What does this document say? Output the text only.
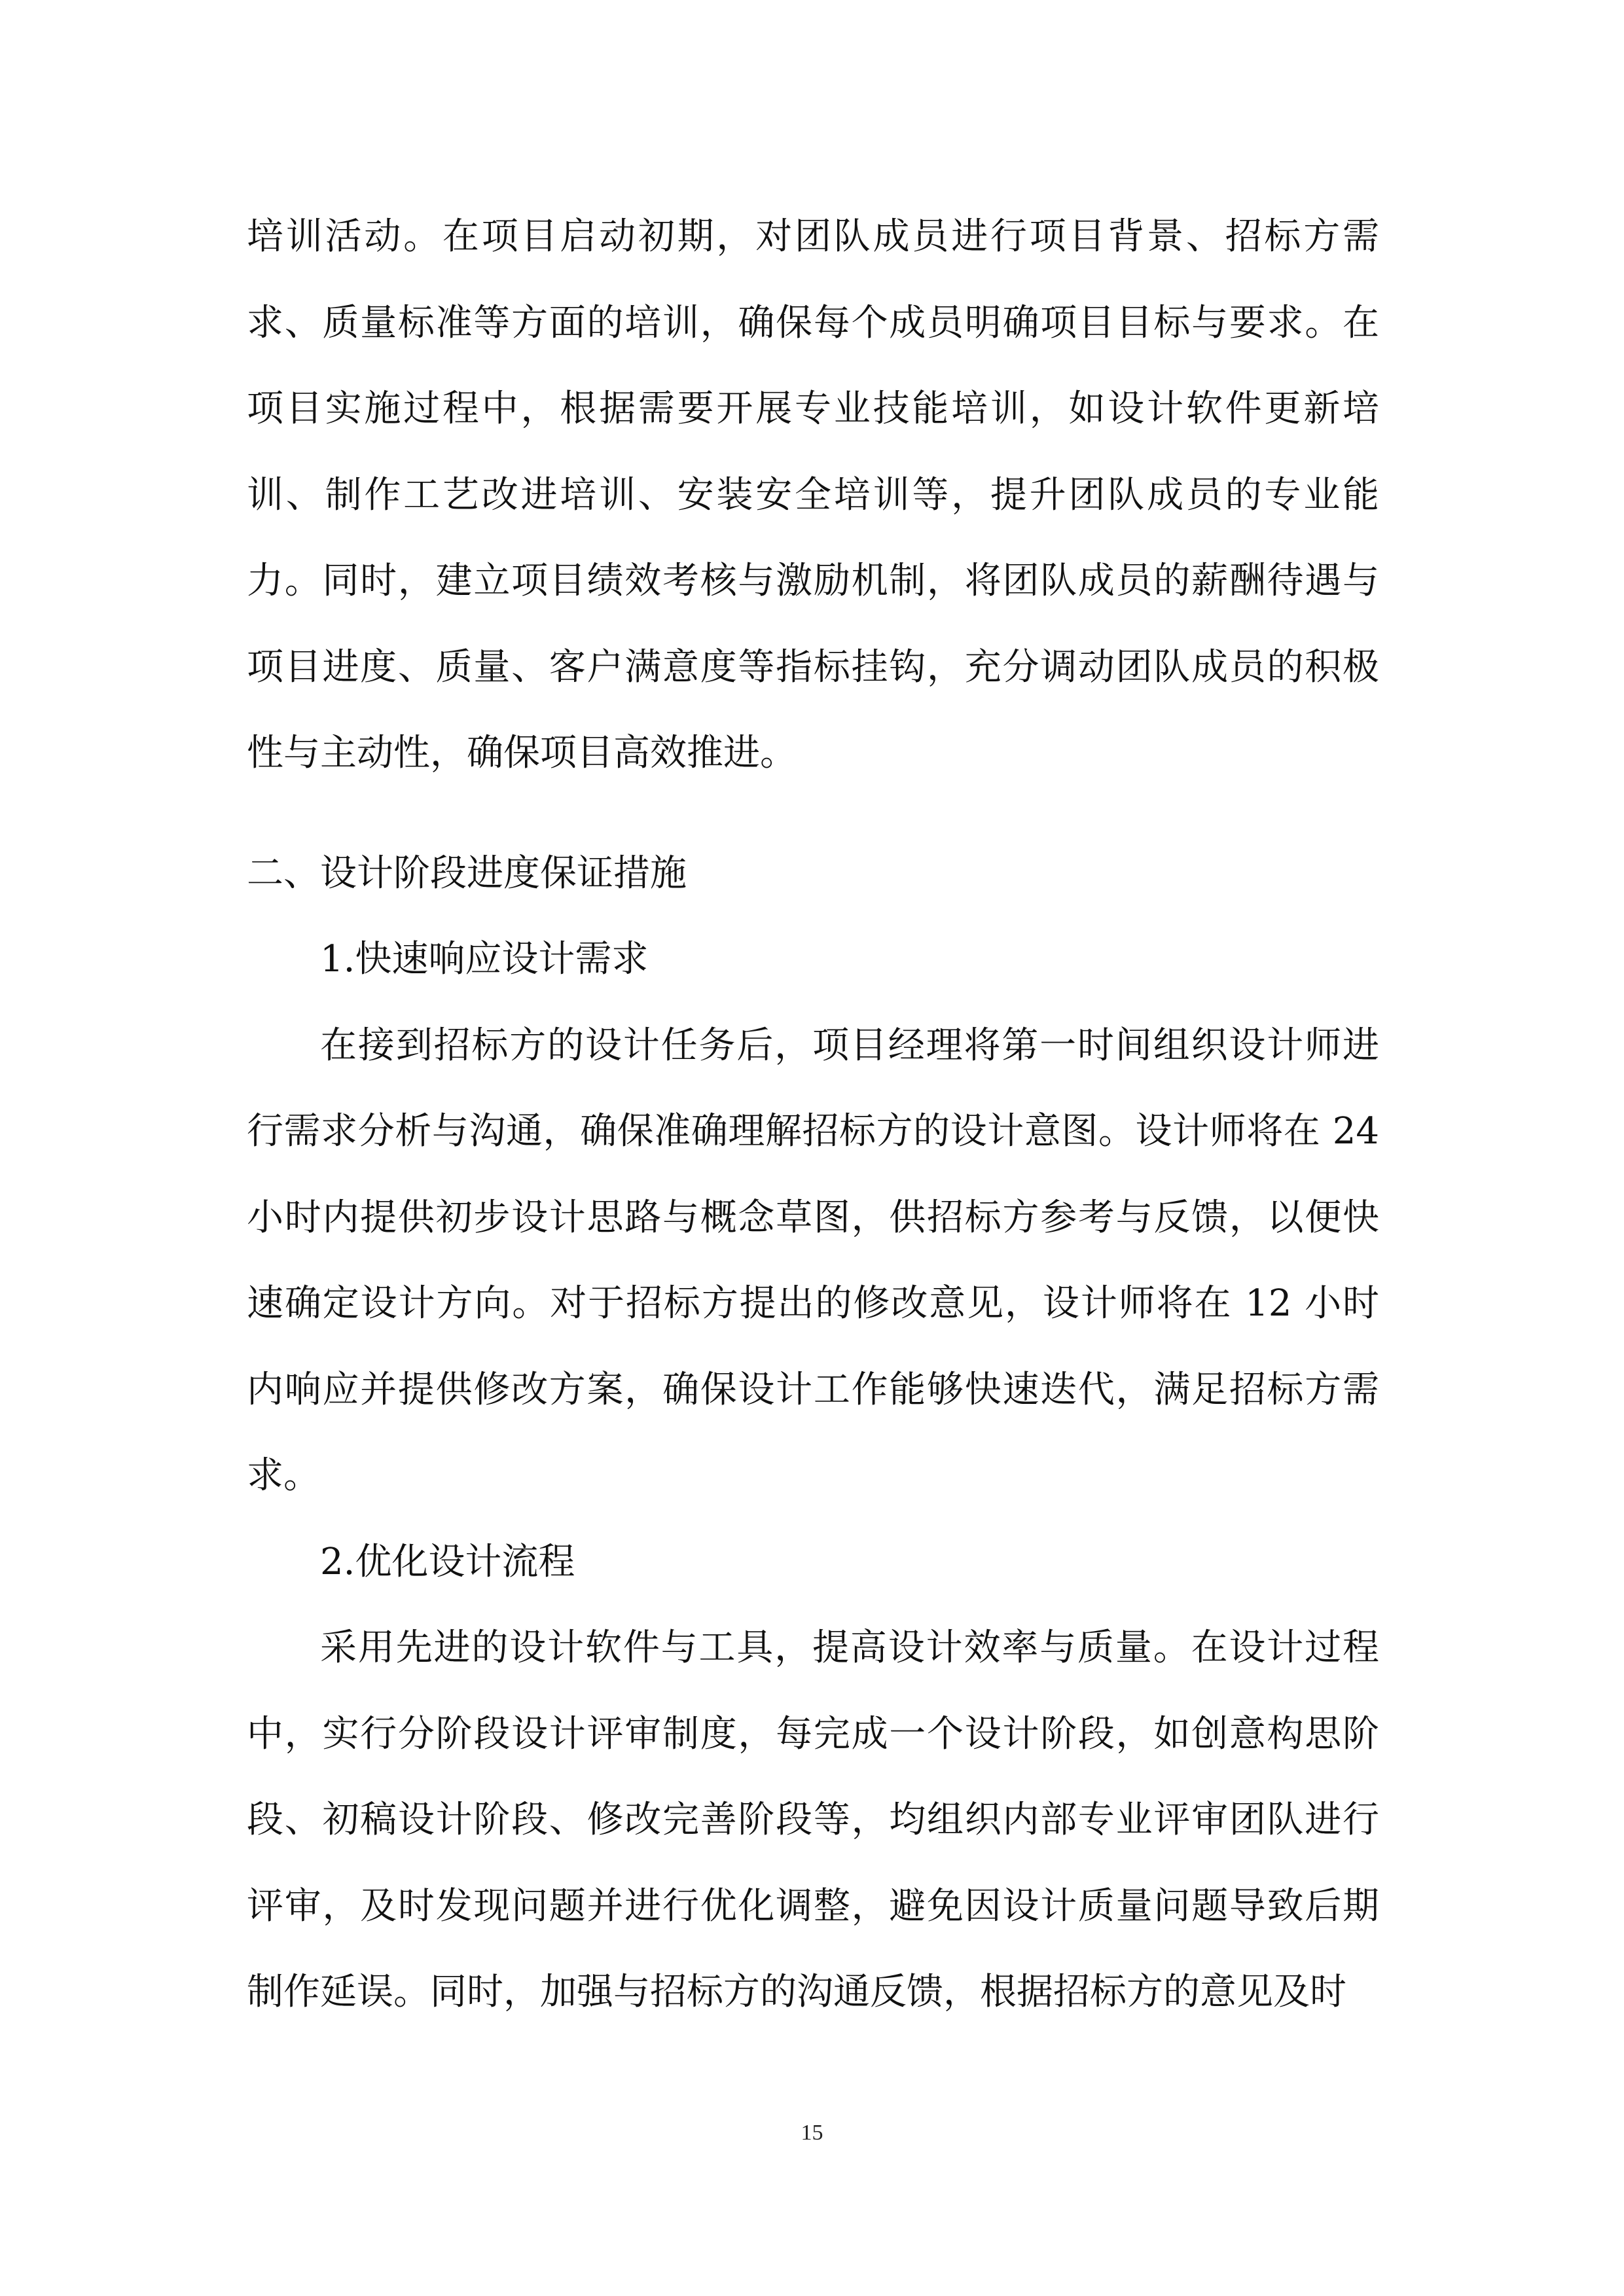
培训活动。在项目启动初期，对团队成员进行项目背景、招标方需求、质量标准等方面的培训，确保每个成员明确项目目标与要求。在项目实施过程中，根据需要开展专业技能培训，如设计软件更新培训、制作工艺改进培训、安装安全培训等，提升团队成员的专业能力。同时，建立项目绩效考核与激励机制，将团队成员的薪酬待遇与项目进度、质量、客户满意度等指标挂钩，充分调动团队成员的积极性与主动性，确保项目高效推进。

二、设计阶段进度保证措施

1.快速响应设计需求

在接到招标方的设计任务后，项目经理将第一时间组织设计师进行需求分析与沟通，确保准确理解招标方的设计意图。设计师将在 24 小时内提供初步设计思路与概念草图，供招标方参考与反馈，以便快速确定设计方向。对于招标方提出的修改意见，设计师将在 12 小时内响应并提供修改方案，确保设计工作能够快速迭代，满足招标方需求。

2.优化设计流程

采用先进的设计软件与工具，提高设计效率与质量。在设计过程中，实行分阶段设计评审制度，每完成一个设计阶段，如创意构思阶段、初稿设计阶段、修改完善阶段等，均组织内部专业评审团队进行评审，及时发现问题并进行优化调整，避免因设计质量问题导致后期制作延误。同时，加强与招标方的沟通反馈，根据招标方的意见及时

15
